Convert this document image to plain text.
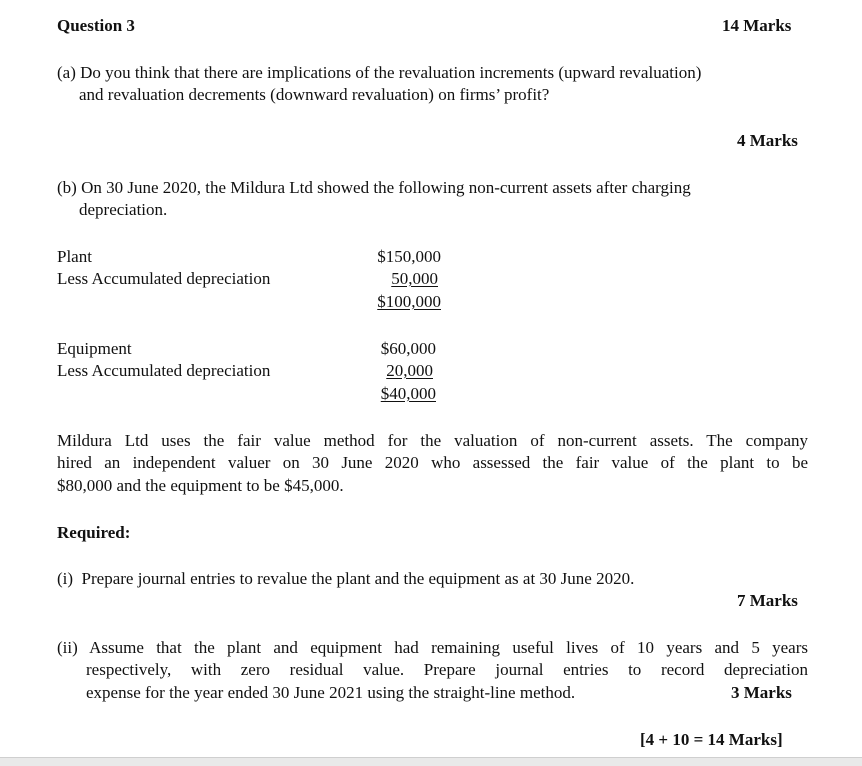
Question 3	14 Marks
(a) Do you think that there are implications of the revaluation increments (upward revaluation)
and revaluation decrements (downward revaluation) on firms’ profit?
4 Marks
(b) On 30 June 2020, the Mildura Ltd showed the following non-current assets after charging
depreciation.
Plant
Less Accumulated depreciation
$150,000
50,000
$100,000
Equipment
Less Accumulated depreciation
$60,000
20,000
$40,000
Mildura Ltd uses the fair value method for the valuation of non-current assets. The company
hired an independent valuer on 30 June 2020 who assessed the fair value of the plant to be
$80,000 and the equipment to be $45,000.
Required:
(i)  Prepare journal entries to revalue the plant and the equipment as at 30 June 2020.
7 Marks
(ii) Assume that the plant and equipment had remaining useful lives of 10 years and 5 years
respectively, with zero residual value. Prepare journal entries to record depreciation
expense for the year ended 30 June 2021 using the straight-line method.	3 Marks
[4 + 10 = 14 Marks]
